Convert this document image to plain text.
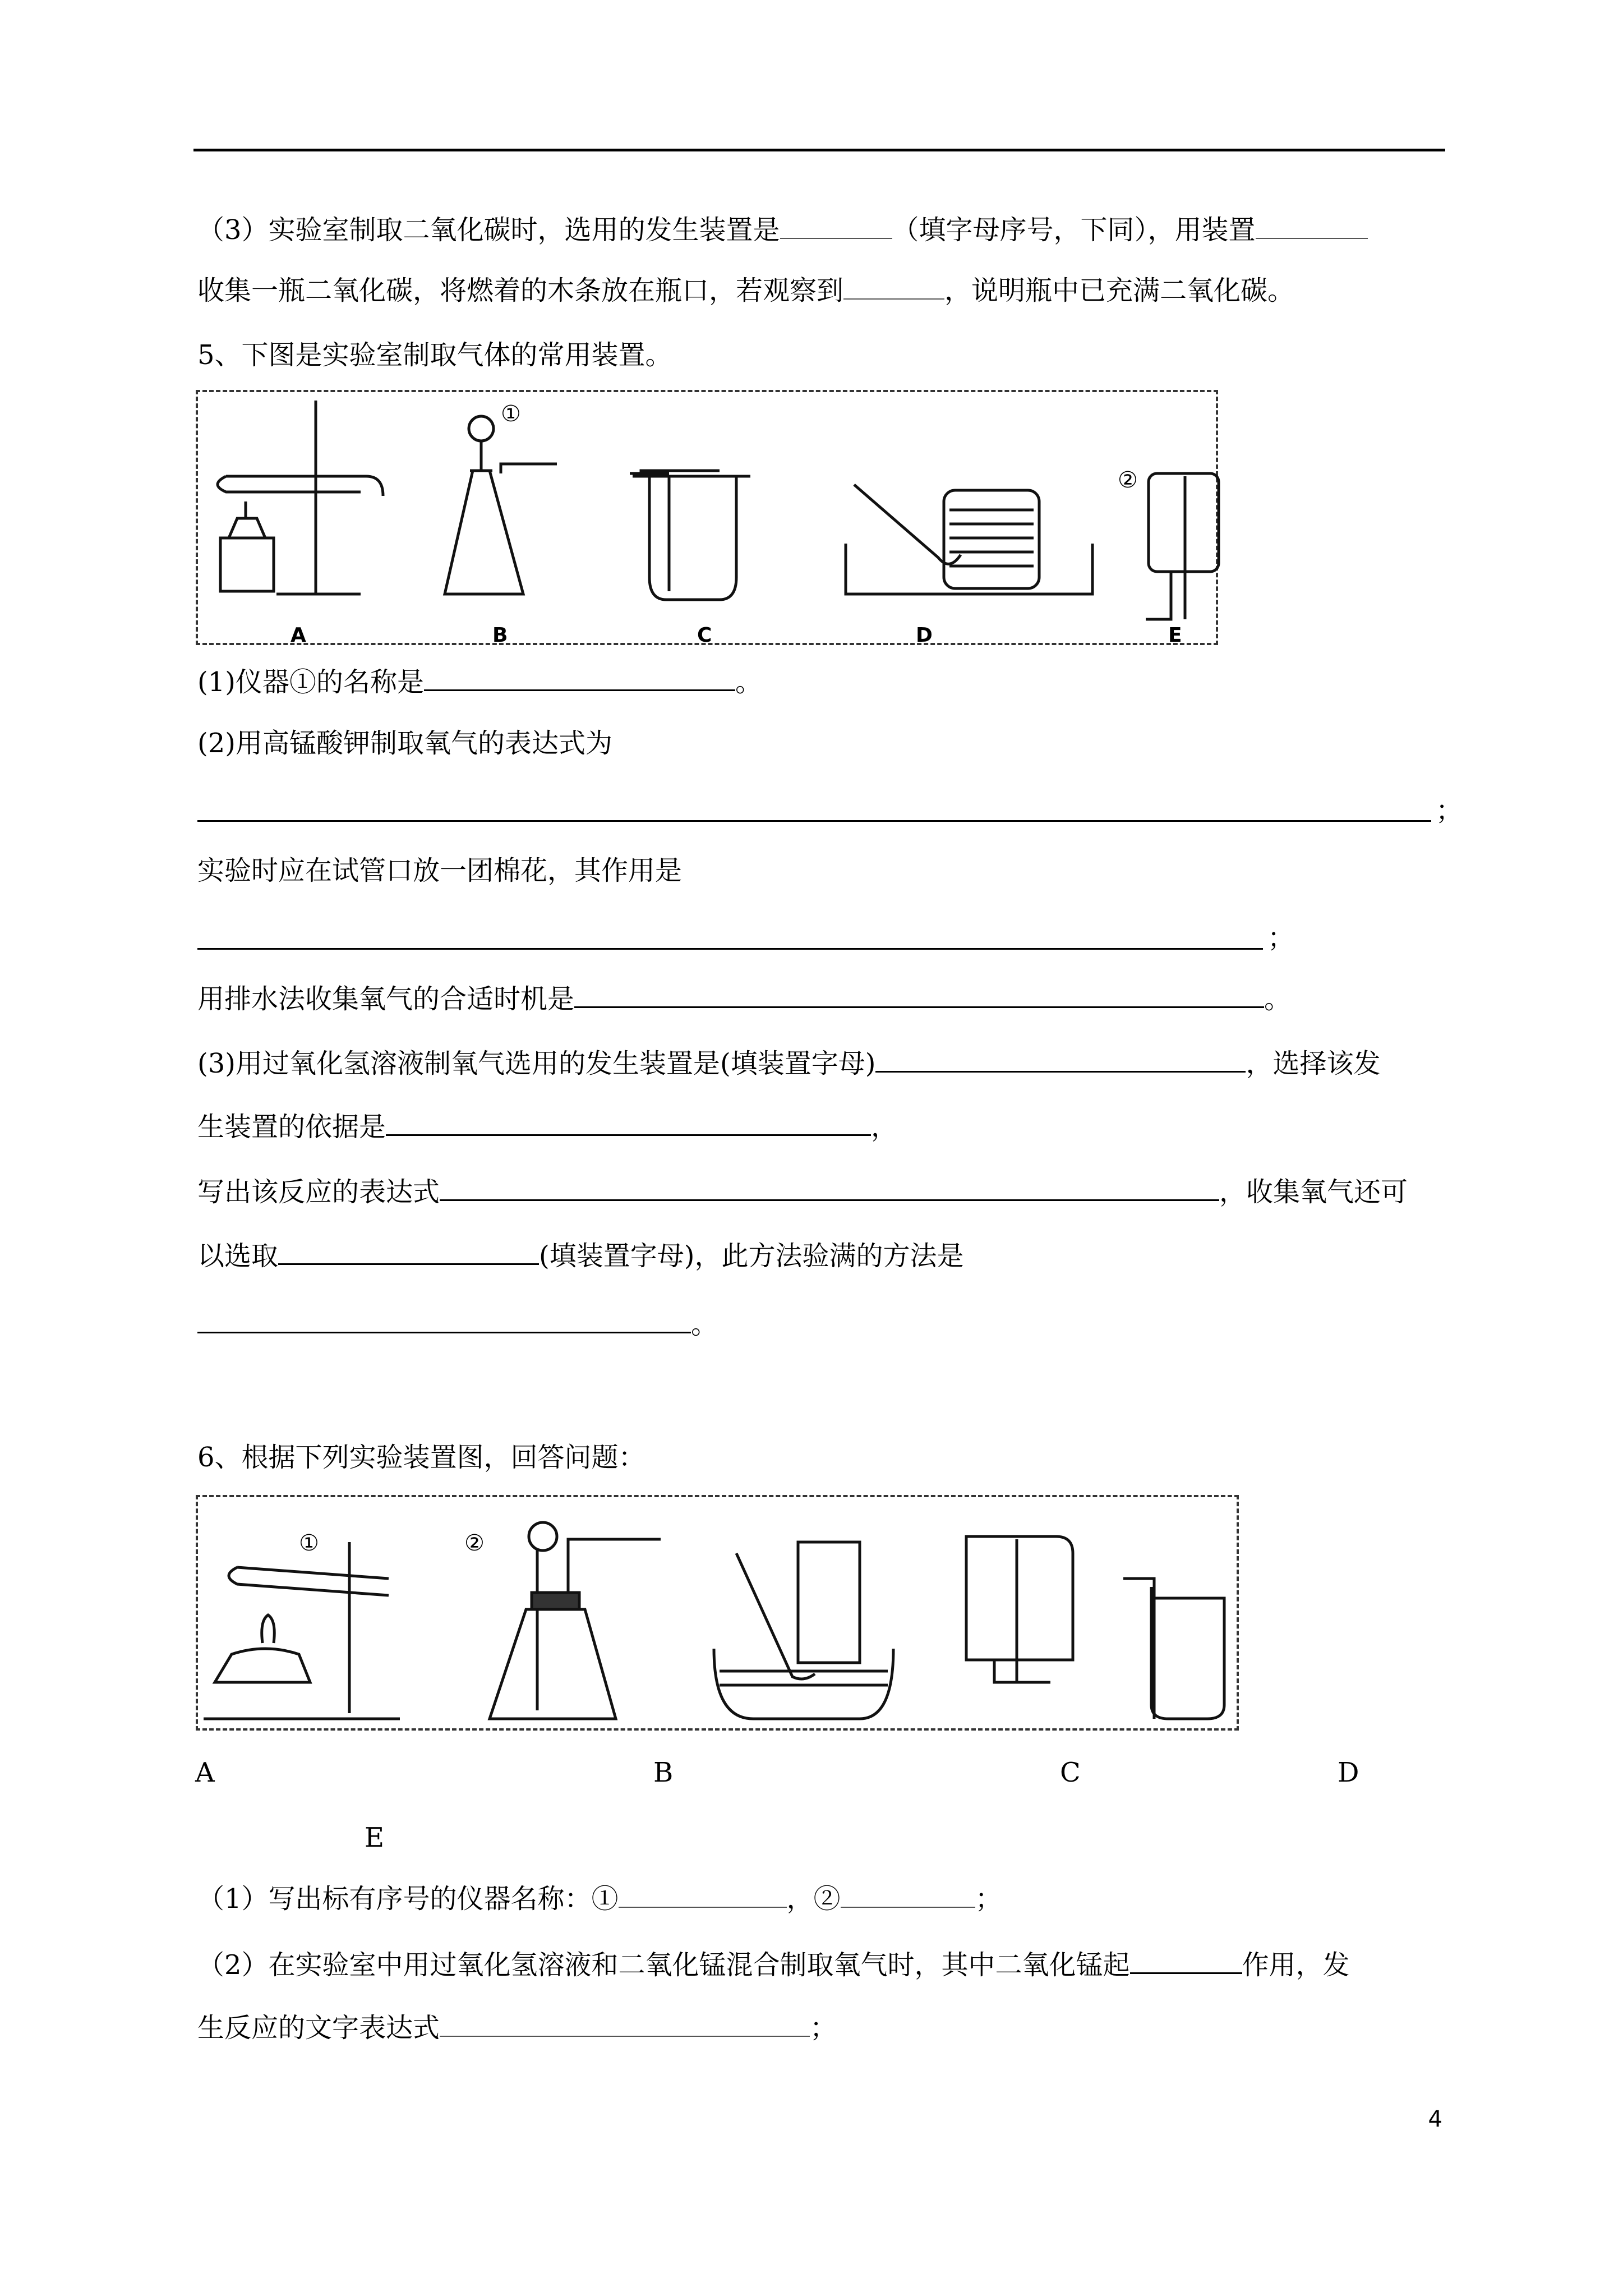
（3）实验室制取二氧化碳时，选用的发生装置是	（填字母序号，下同），用装置
收集一瓶二氧化碳，将燃着的木条放在瓶口，若观察到	，说明瓶中已充满二氧化碳。
5、下图是实验室制取气体的常用装置。
①
②
A	B	C	D	E
(1)仪器①的名称是	。
(2)用高锰酸钾制取氧气的表达式为
；
实验时应在试管口放一团棉花，其作用是
；
用排水法收集氧气的合适时机是	。
(3)用过氧化氢溶液制氧气选用的发生装置是(填装置字母)	，选择该发
生装置的依据是	，
写出该反应的表达式	，收集氧气还可
以选取	(填装置字母)，此方法验满的方法是
。
6、根据下列实验装置图，回答问题：
①	②
A	B	C	D
E
（1）写出标有序号的仪器名称：①	，②	；
（2）在实验室中用过氧化氢溶液和二氧化锰混合制取氧气时，其中二氧化锰起	作用，发
生反应的文字表达式	；
4
